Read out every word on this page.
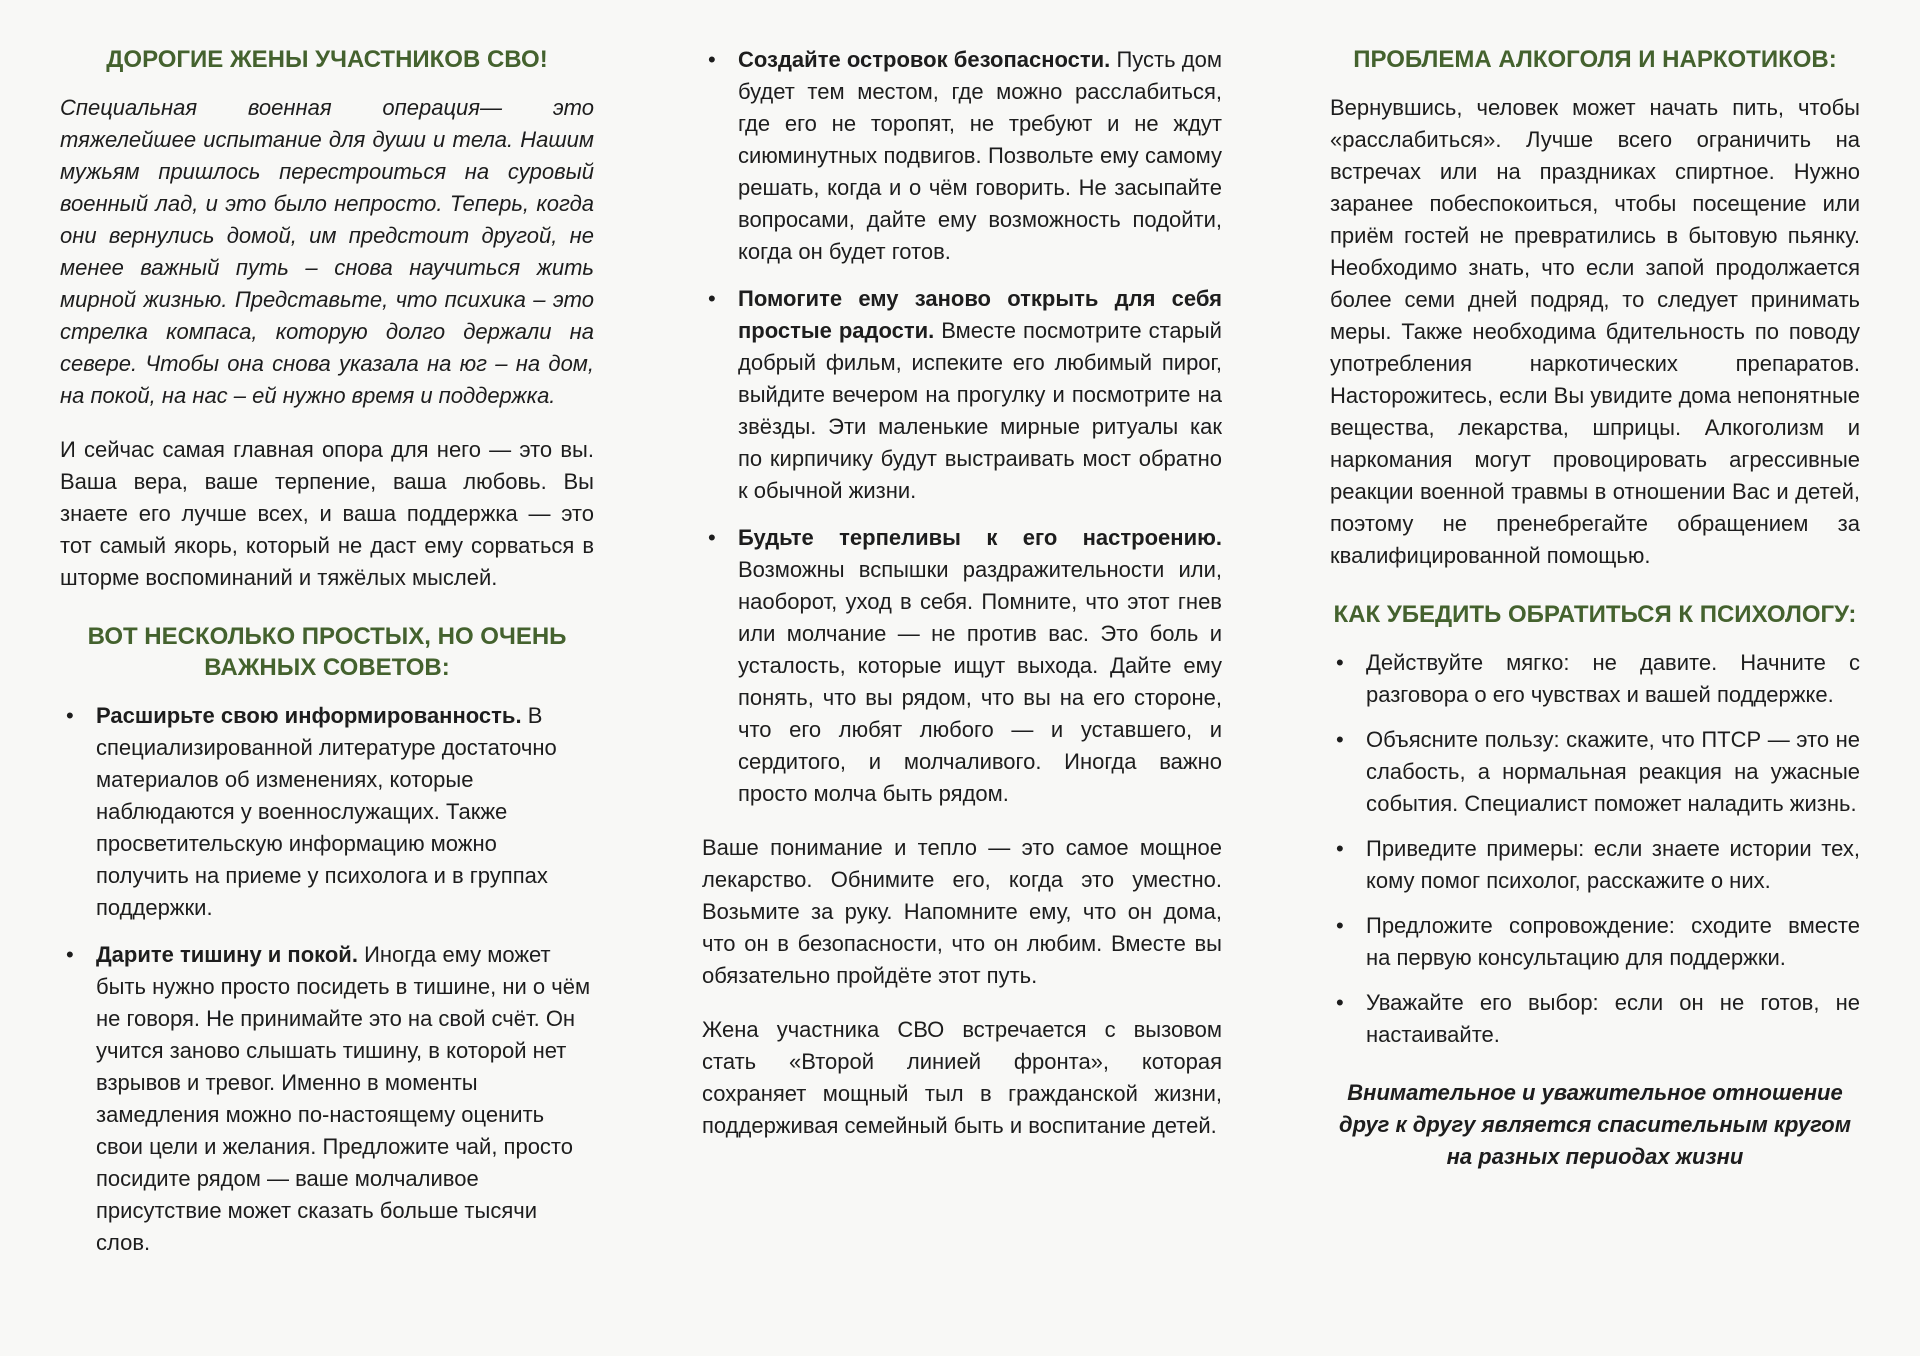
ДОРОГИЕ ЖЕНЫ УЧАСТНИКОВ СВО!

Специальная военная операция— это тяжелейшее испытание для души и тела. Нашим мужьям пришлось перестроиться на суровый военный лад, и это было непросто. Теперь, когда они вернулись домой, им предстоит другой, не менее важный путь – снова научиться жить мирной жизнью. Представьте, что психика – это стрелка компаса, которую долго держали на севере. Чтобы она снова указала на юг – на дом, на покой, на нас – ей нужно время и поддержка.

И сейчас самая главная опора для него — это вы. Ваша вера, ваше терпение, ваша любовь. Вы знаете его лучше всех, и ваша поддержка — это тот самый якорь, который не даст ему сорваться в шторме воспоминаний и тяжёлых мыслей.

ВОТ НЕСКОЛЬКО ПРОСТЫХ, НО ОЧЕНЬ ВАЖНЫХ СОВЕТОВ:
• Расширьте свою информированность. В специализированной литературе достаточно материалов об изменениях, которые наблюдаются у военнослужащих. Также просветительскую информацию можно получить на приеме у психолога и в группах поддержки.
• Дарите тишину и покой. Иногда ему может быть нужно просто посидеть в тишине, ни о чём не говоря. Не принимайте это на свой счёт. Он учится заново слышать тишину, в которой нет взрывов и тревог. Именно в моменты замедления можно по-настоящему оценить свои цели и желания. Предложите чай, просто посидите рядом — ваше молчаливое присутствие может сказать больше тысячи слов.
• Создайте островок безопасности. Пусть дом будет тем местом, где можно расслабиться, где его не торопят, не требуют и не ждут сиюминутных подвигов. Позвольте ему самому решать, когда и о чём говорить. Не засыпайте вопросами, дайте ему возможность подойти, когда он будет готов.
• Помогите ему заново открыть для себя простые радости. Вместе посмотрите старый добрый фильм, испеките его любимый пирог, выйдите вечером на прогулку и посмотрите на звёзды. Эти маленькие мирные ритуалы как по кирпичику будут выстраивать мост обратно к обычной жизни.
• Будьте терпеливы к его настроению. Возможны вспышки раздражительности или, наоборот, уход в себя. Помните, что этот гнев или молчание — не против вас. Это боль и усталость, которые ищут выхода. Дайте ему понять, что вы рядом, что вы на его стороне, что его любят любого — и уставшего, и сердитого, и молчаливого. Иногда важно просто молча быть рядом.

Ваше понимание и тепло — это самое мощное лекарство. Обнимите его, когда это уместно. Возьмите за руку. Напомните ему, что он дома, что он в безопасности, что он любим. Вместе вы обязательно пройдёте этот путь.

Жена участника СВО встречается с вызовом стать «Второй линией фронта», которая сохраняет мощный тыл в гражданской жизни, поддерживая семейный быть и воспитание детей.

ПРОБЛЕМА АЛКОГОЛЯ И НАРКОТИКОВ:

Вернувшись, человек может начать пить, чтобы «расслабиться». Лучше всего ограничить на встречах или на праздниках спиртное. Нужно заранее побеспокоиться, чтобы посещение или приём гостей не превратились в бытовую пьянку. Необходимо знать, что если запой продолжается более семи дней подряд, то следует принимать меры. Также необходима бдительность по поводу употребления наркотических препаратов. Насторожитесь, если Вы увидите дома непонятные вещества, лекарства, шприцы. Алкоголизм и наркомания могут провоцировать агрессивные реакции военной травмы в отношении Вас и детей, поэтому не пренебрегайте обращением за квалифицированной помощью.

КАК УБЕДИТЬ ОБРАТИТЬСЯ К ПСИХОЛОГУ:
• Действуйте мягко: не давите. Начните с разговора о его чувствах и вашей поддержке.
• Объясните пользу: скажите, что ПТСР — это не слабость, а нормальная реакция на ужасные события. Специалист поможет наладить жизнь.
• Приведите примеры: если знаете истории тех, кому помог психолог, расскажите о них.
• Предложите сопровождение: сходите вместе на первую консультацию для поддержки.
• Уважайте его выбор: если он не готов, не настаивайте.

Внимательное и уважительное отношение друг к другу является спасительным кругом на разных периодах жизни
